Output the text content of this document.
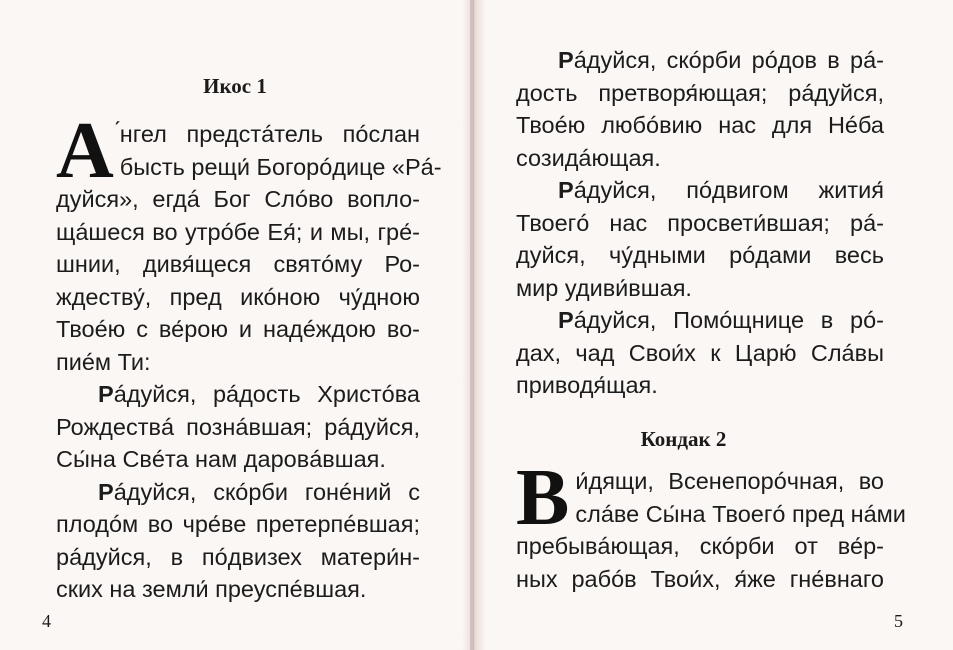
Икос 1
А ́нгел предстáтель пóслан
бысть рещи́ Богорóдице «Рá-
дуйся», егдá Бог Слóво вопло-
щáшеся во утрóбе Ея́; и мы, гре́-
шнии, дивя́щеся святóму Ро-
ждеству́, пред икóною чу́дною
Твоéю с ве́рою и надéждою во-
пиéм Ти:
Рáдуйся, рáдость Христóва
Рождествá познáвшая; рáдуйся,
Сы́на Свéта нам даровáвшая.
Рáдуйся, скóрби гонéний с
плодóм во чре́ве претерпéвшая;
рáдуйся, в пóдвизех матери́н-
ских на земли́ преуспéвшая.
4
Рáдуйся, скóрби рóдов в рá-
дость претворя́ющая; рáдуйся,
Твоéю любóвию нас для Нéба
созидáющая.
Рáдуйся, пóдвигом жития́
Твоегó нас просвети́вшая; рá-
дуйся, чу́дными рóдами весь
мир удиви́вшая.
Рáдуйся, Помóщнице в рó-
дах, чад Свои́х к Царю́ Слáвы
приводя́щая.
Кондак 2
В и́дящи, Всенепорóчная, во
слáве Сы́на Твоегó пред нáми
пребывáющая, скóрби от ве́р-
ных рабóв Твои́х, я́же гне́внаго
5
